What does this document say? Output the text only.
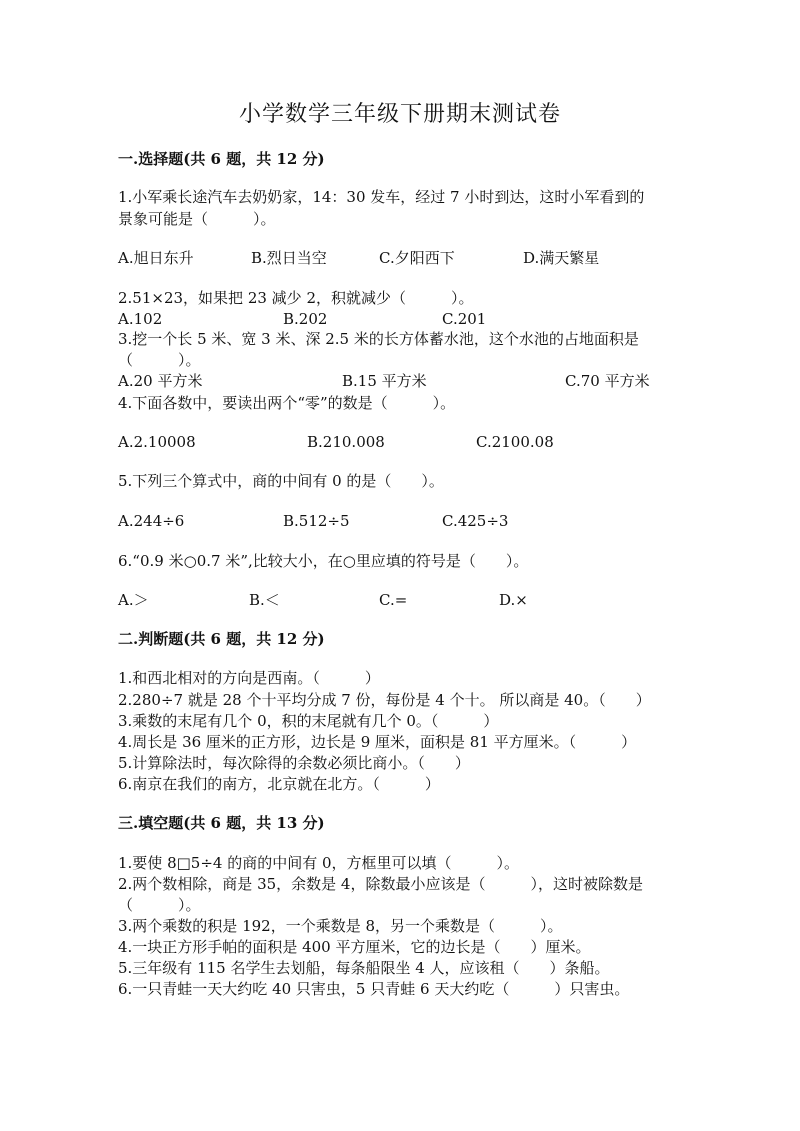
小学数学三年级下册期末测试卷
一.选择题(共 6 题，共 12 分)
1.小军乘长途汽车去奶奶家，14：30 发车，经过 7 小时到达，这时小军看到的
景象可能是（　　　）。
A.旭日东升	B.烈日当空	C.夕阳西下	D.满天繁星
2.51×23，如果把 23 减少 2，积就减少（　　　）。
A.102	B.202	C.201
3.挖一个长 5 米、宽 3 米、深 2.5 米的长方体蓄水池，这个水池的占地面积是
（　　　）。
A.20 平方米	B.15 平方米	C.70 平方米
4.下面各数中，要读出两个“零”的数是（　　　）。
A.2.10008	B.210.008	C.2100.08
5.下列三个算式中，商的中间有 0 的是（　　）。
A.244÷6	B.512÷5	C.425÷3
6.“0.9 米○0.7 米”,比较大小，在○里应填的符号是（　　）。
A.＞	B.＜	C.=	D.×
二.判断题(共 6 题，共 12 分)
1.和西北相对的方向是西南。（　　　）
2.280÷7 就是 28 个十平均分成 7 份，每份是 4 个十。 所以商是 40。（　　）
3.乘数的末尾有几个 0，积的末尾就有几个 0。（　　　）
4.周长是 36 厘米的正方形，边长是 9 厘米，面积是 81 平方厘米。（　　　）
5.计算除法时，每次除得的余数必须比商小。（　　）
6.南京在我们的南方，北京就在北方。（　　　）
三.填空题(共 6 题，共 13 分)
1.要使 8□5÷4 的商的中间有 0，方框里可以填（　　　）。
2.两个数相除，商是 35，余数是 4，除数最小应该是（　　　），这时被除数是
（　　　）。
3.两个乘数的积是 192，一个乘数是 8，另一个乘数是（　　　）。
4.一块正方形手帕的面积是 400 平方厘米，它的边长是（　　）厘米。
5.三年级有 115 名学生去划船，每条船限坐 4 人，应该租（　　）条船。
6.一只青蛙一天大约吃 40 只害虫，5 只青蛙 6 天大约吃（　　　）只害虫。
